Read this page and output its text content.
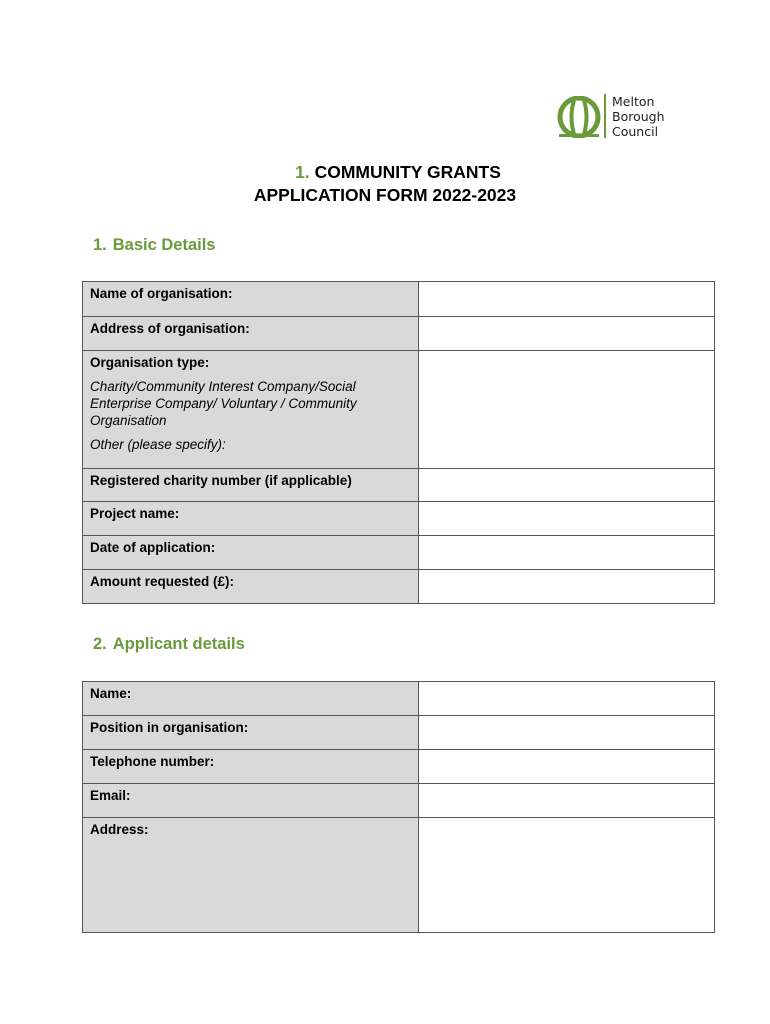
Melton
Borough
Council
1. COMMUNITY GRANTS
APPLICATION FORM 2022-2023
1. Basic Details
Name of organisation:	
Address of organisation:	

Organisation type:
Charity/Community Interest Company/Social Enterprise Company/ Voluntary / Community Organisation
Other (please specify):	

Registered charity number (if applicable)	
Project name:	
Date of application:	
Amount requested (£):	
2. Applicant details
Name:	
Position in organisation:	
Telephone number:	
Email:	
Address:	
